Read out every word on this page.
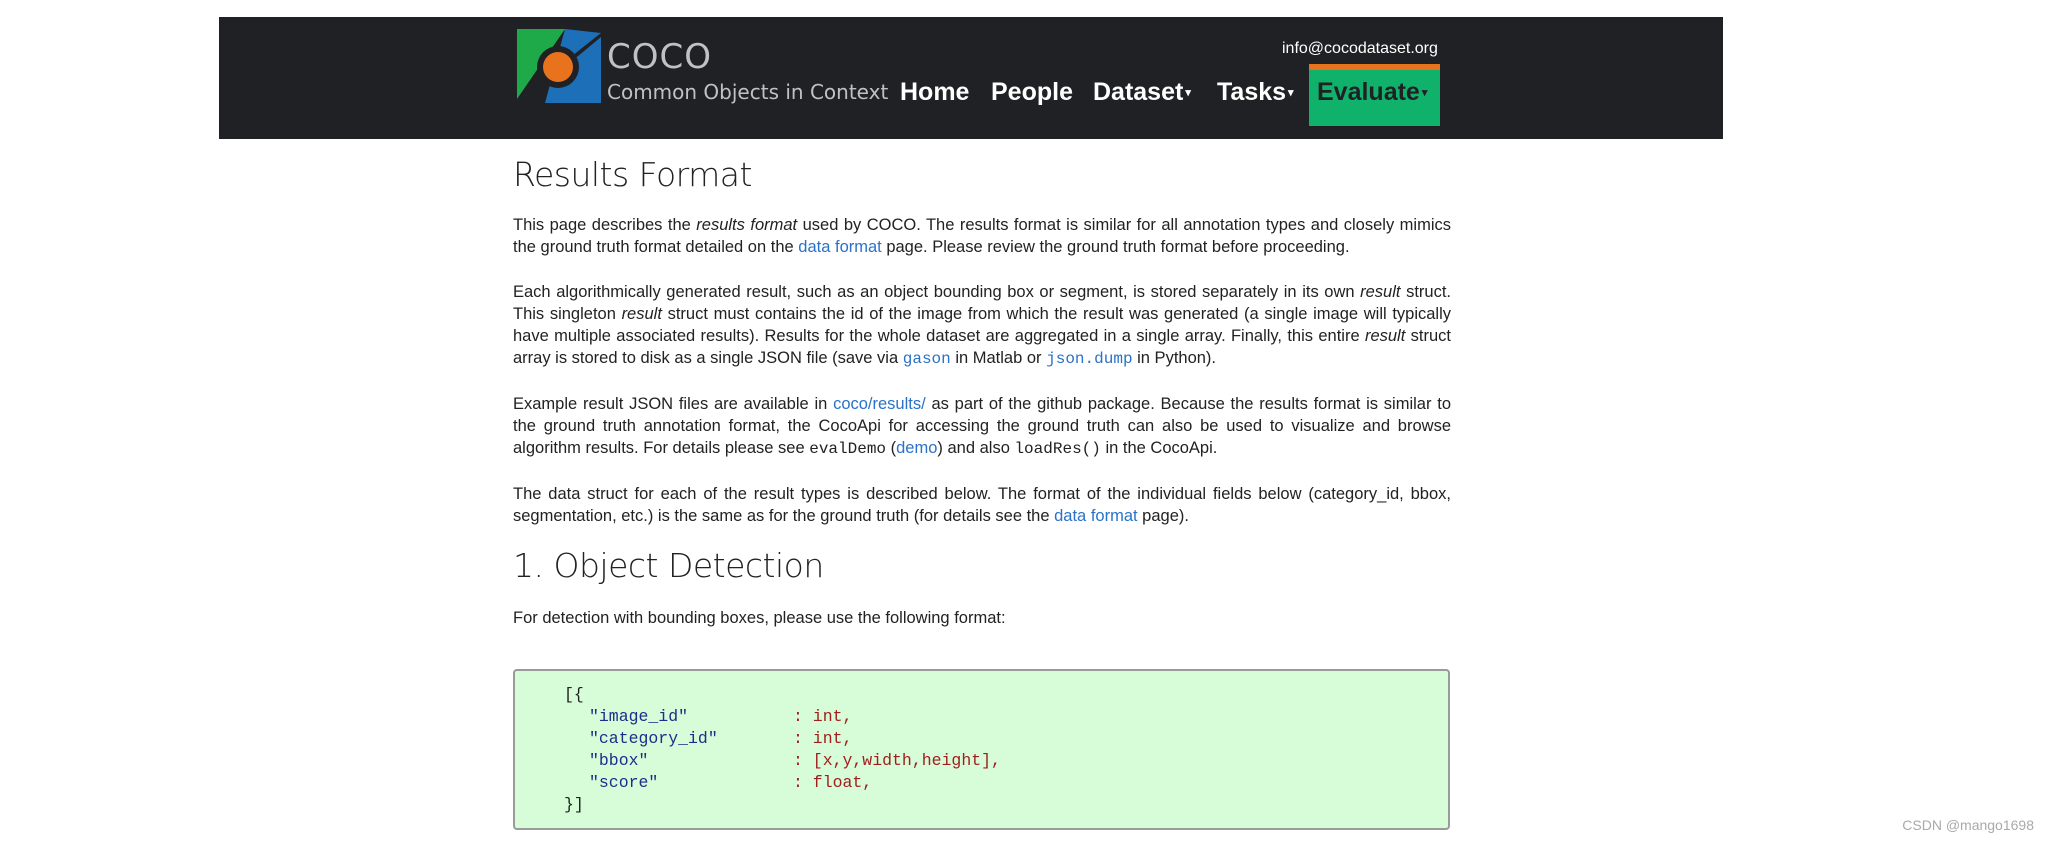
COCO
Common Objects in Context
info@cocodataset.org
Home People Dataset ▾ Tasks ▾ Evaluate ▾
Results Format

This page describes the results format used by COCO. The results format is similar for all annotation types and closely mimics the ground truth format detailed on the data format page. Please review the ground truth format before proceeding.

Each algorithmically generated result, such as an object bounding box or segment, is stored separately in its own result struct. This singleton result struct must contains the id of the image from which the result was generated (a single image will typically have multiple associated results). Results for the whole dataset are aggregated in a single array. Finally, this entire result struct array is stored to disk as a single JSON file (save via gason in Matlab or json.dump in Python).

Example result JSON files are available in coco/results/ as part of the github package. Because the results format is similar to the ground truth annotation format, the CocoApi for accessing the ground truth can also be used to visualize and browse algorithm results. For details please see evalDemo (demo) and also loadRes() in the CocoApi.

The data struct for each of the result types is described below. The format of the individual fields below (category_id, bbox, segmentation, etc.) is the same as for the ground truth (for details see the data format page).

1. Object Detection

For detection with bounding boxes, please use the following format:

[{
"image_id"	: int,
"category_id"	: int,
"bbox"	: [x,y,width,height],
"score"	: float,
}]
CSDN @mango1698
